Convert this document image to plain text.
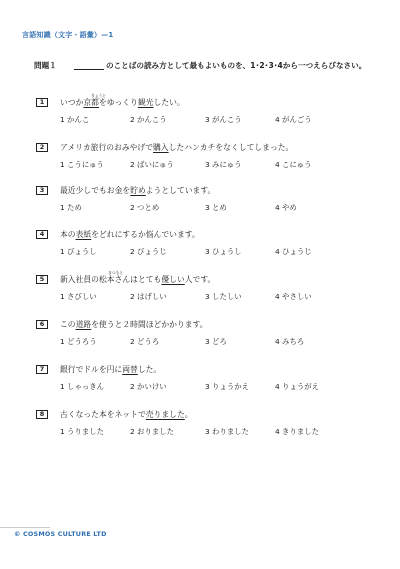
言語知識（文字・語彙）—1
問題１	のことばの読み方として最もよいものを、1･2･3･4から一つえらびなさい。
1	いつか京都をゆっくり観光したい。
きょうと
1 かんこ	2 かんこう	3 がんこう	4 がんごう
2	アメリカ旅行のおみやげで購入したハンカチをなくしてしまった。
1 こうにゅう	2 ばいにゅう	3 みにゅう	4 こにゅう
3	最近少しでもお金を貯めようとしています。
1 ため	2 つとめ	3 とめ	4 やめ
4	本の表紙をどれにするか悩んでいます。
1 びょうし	2 びょうじ	3 ひょうし	4 ひょうじ
5	新入社員の松本さんはとても優しい人です。
まつもと
1 さびしい	2 はげしい	3 したしい	4 やさしい
6	この道路を使うと２時間ほどかかります。
1 どうろう	2 どうろ	3 どろ	4 みちろ
7	銀行でドルを円に両替した。
1 しゃっきん	2 かいけい	3 りょうかえ	4 りょうがえ
8	古くなった本をネットで売りました。
1 うりました	2 おりました	3 わりました	4 きりました
© COSMOS CULTURE LTD
